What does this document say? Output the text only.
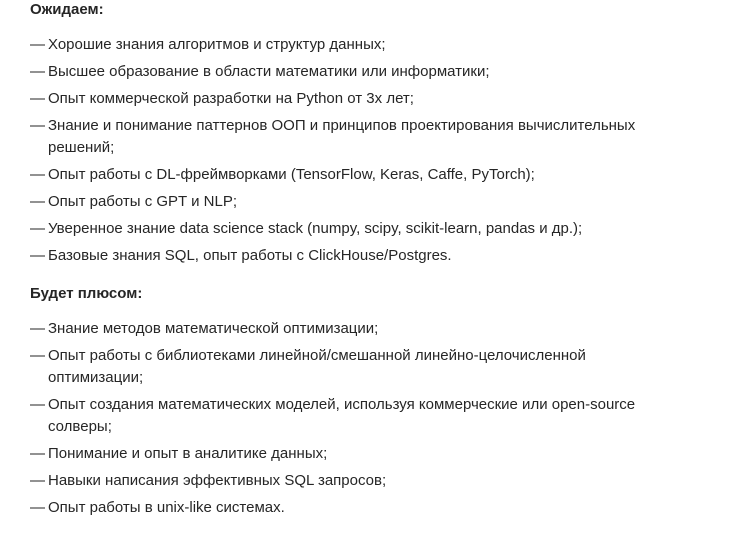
Ожидаем:
— Хорошие знания алгоритмов и структур данных;
— Высшее образование в области математики или информатики;
— Опыт коммерческой разработки на Python от 3х лет;
— Знание и понимание паттернов ООП и принципов проектирования вычислительных решений;
— Опыт работы с DL-фреймворками (TensorFlow, Keras, Caffe, PyTorch);
— Опыт работы с GPT и NLP;
— Уверенное знание data science stack (numpy, scipy, scikit-learn, pandas и др.);
— Базовые знания SQL, опыт работы с ClickHouse/Postgres.
Будет плюсом:
— Знание методов математической оптимизации;
— Опыт работы с библиотеками линейной/смешанной линейно-целочисленной оптимизации;
— Опыт создания математических моделей, используя коммерческие или open-source солверы;
— Понимание и опыт в аналитике данных;
— Навыки написания эффективных SQL запросов;
— Опыт работы в unix-like системах.
